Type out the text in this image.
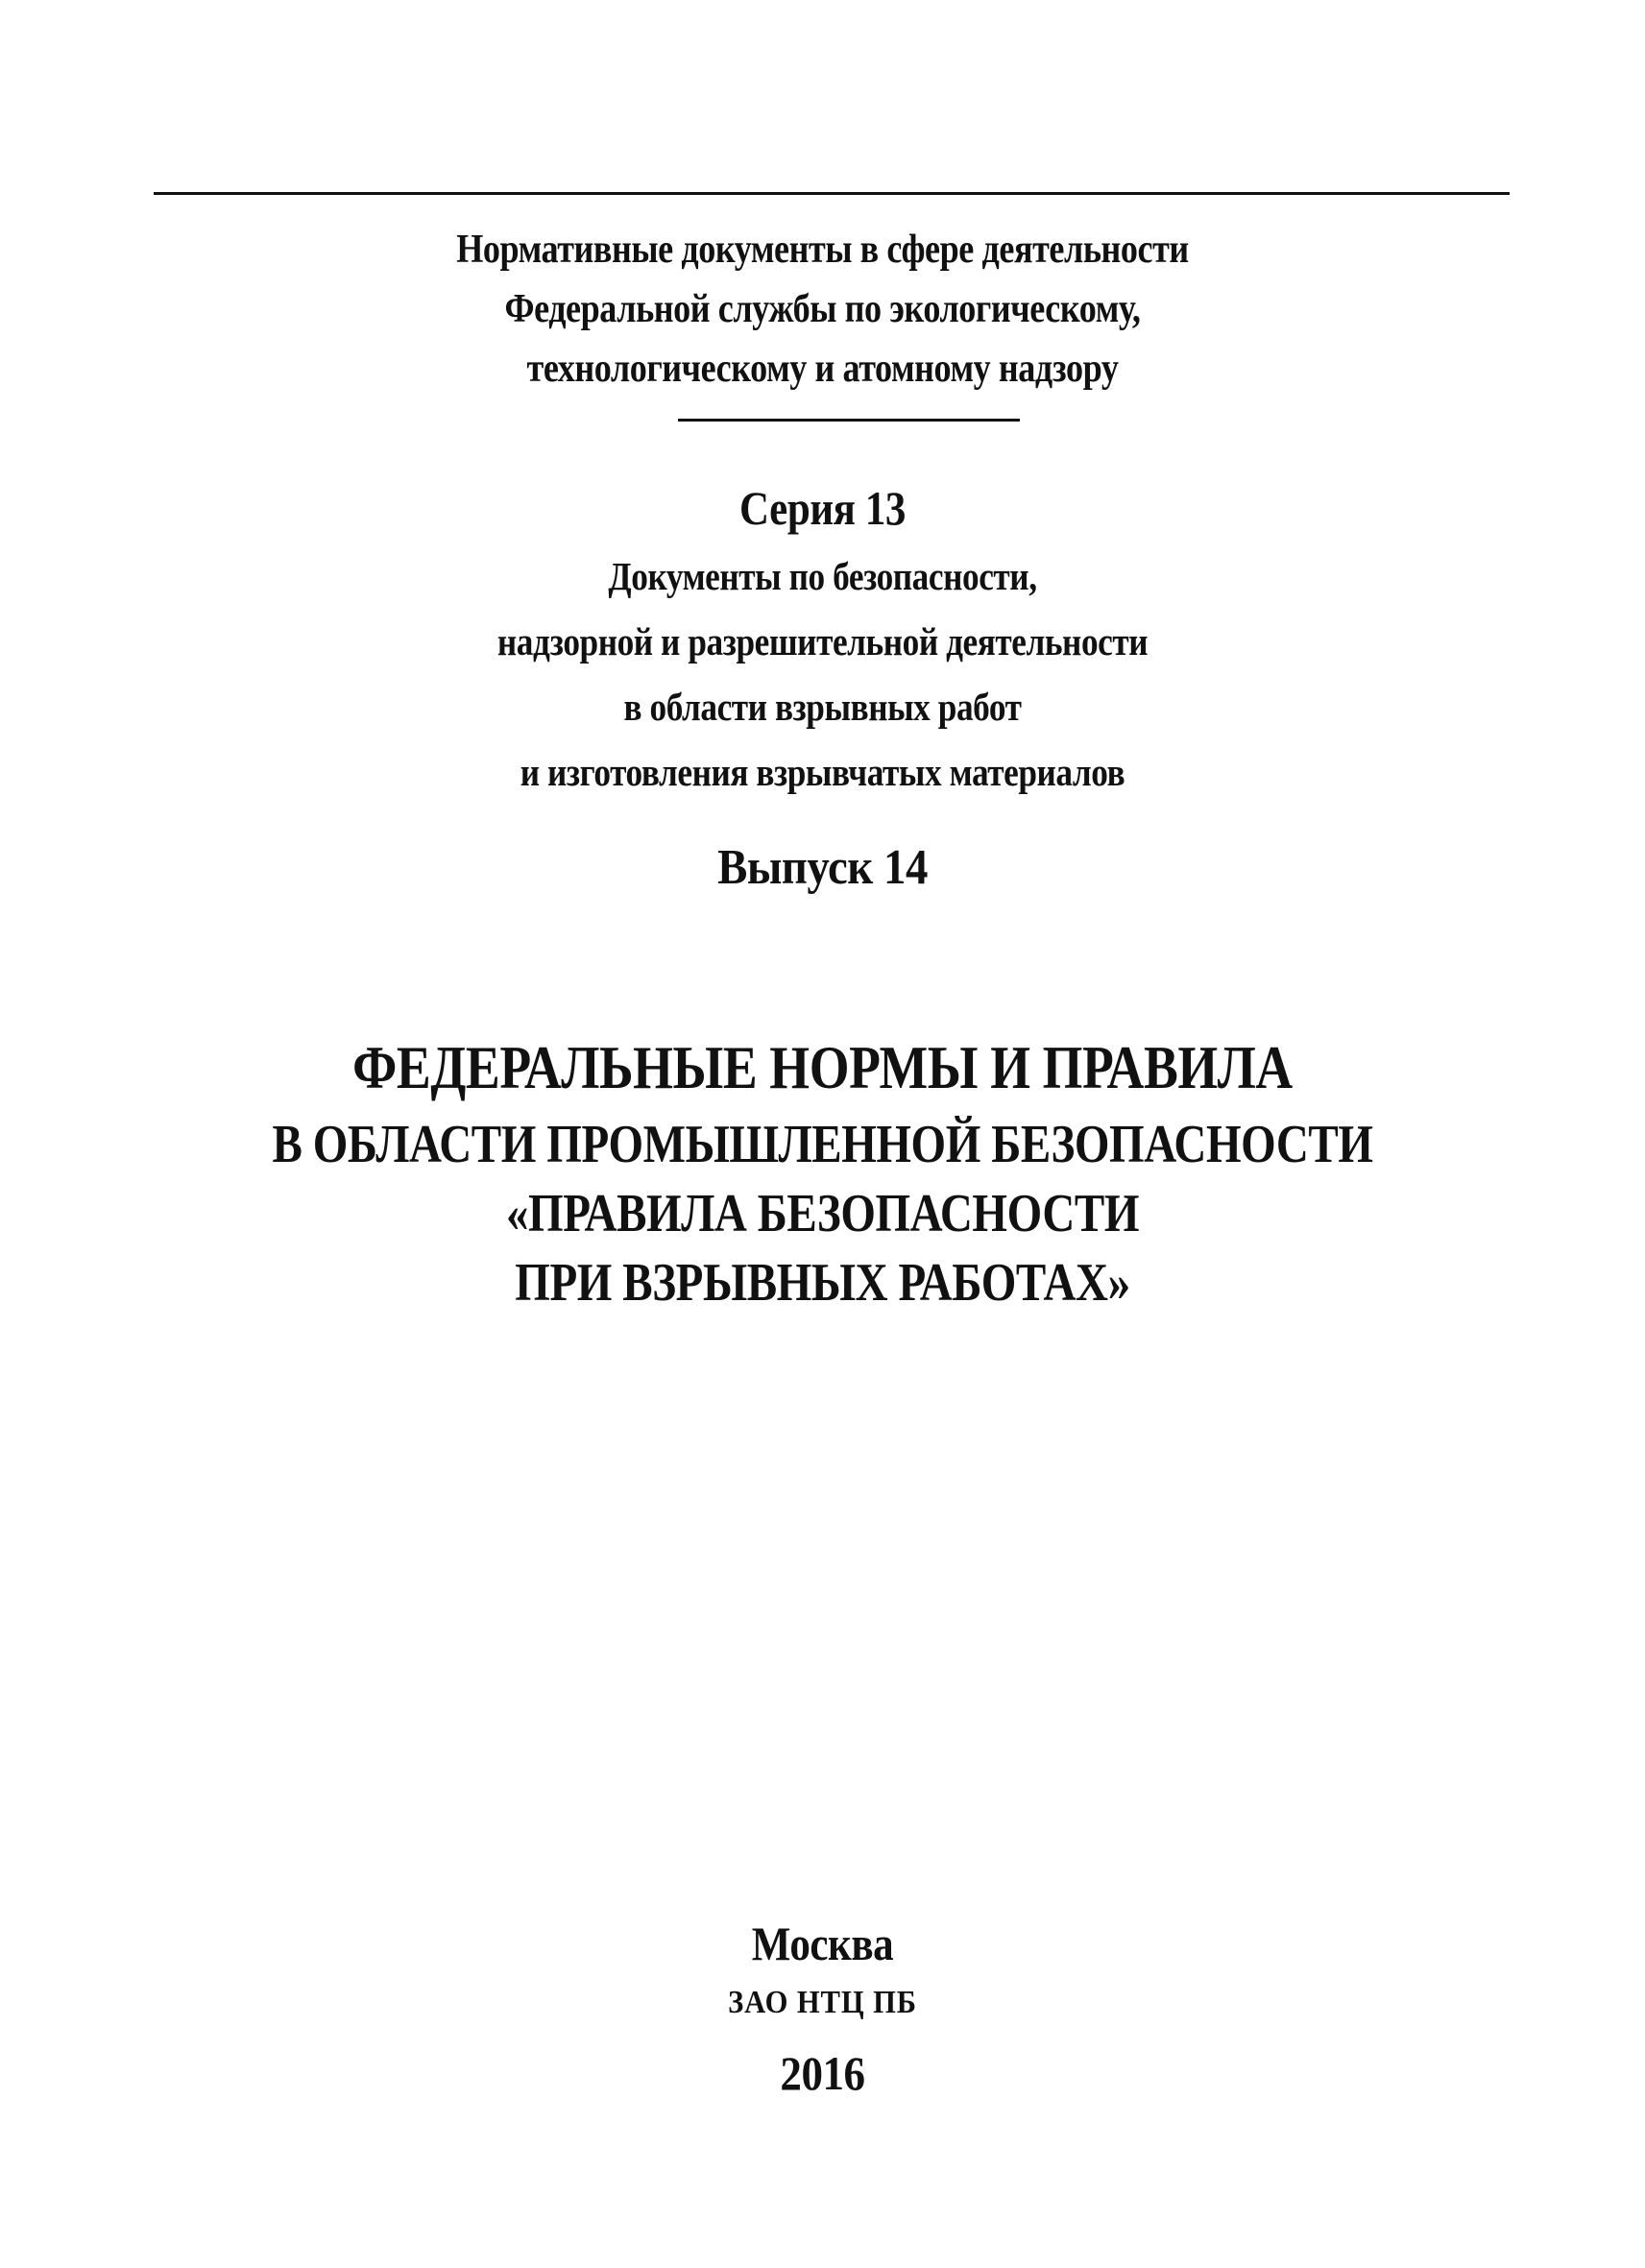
Нормативные документы в сфере деятельности
Федеральной службы по экологическому,
технологическому и атомному надзору
Серия 13
Документы по безопасности,
надзорной и разрешительной деятельности
в области взрывных работ
и изготовления взрывчатых материалов
Выпуск 14
ФЕДЕРАЛЬНЫЕ НОРМЫ И ПРАВИЛА
В ОБЛАСТИ ПРОМЫШЛЕННОЙ БЕЗОПАСНОСТИ
«ПРАВИЛА БЕЗОПАСНОСТИ
ПРИ ВЗРЫВНЫХ РАБОТАХ»
Москва
ЗАО НТЦ ПБ
2016
